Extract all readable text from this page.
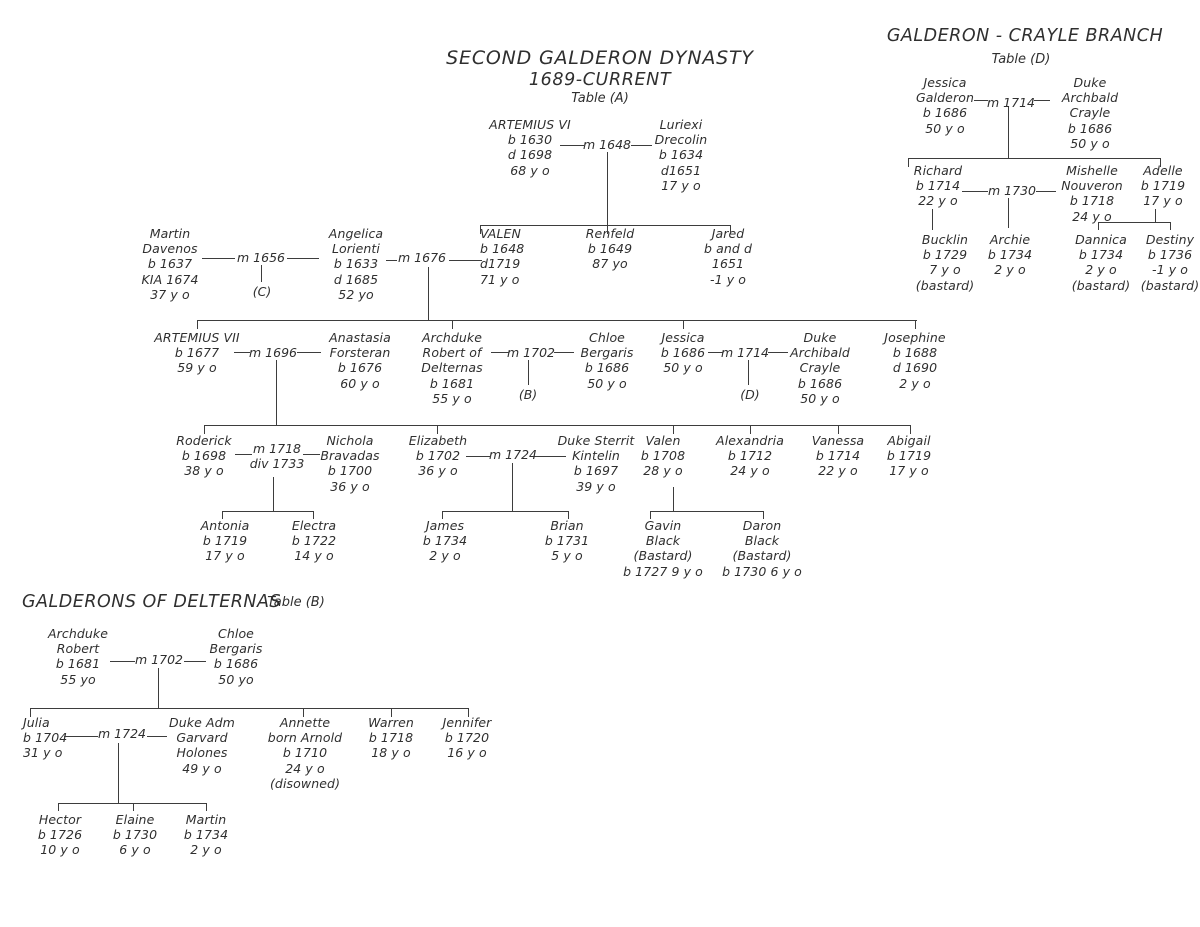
SECOND GALDERON DYNASTY
1689-CURRENT
Table (A)
GALDERON - CRAYLE BRANCH
Table (D)
GALDERONS OF DELTERNAS
Table (B)
ARTEMIUS VI
b 1630
d 1698
68 y o
Luriexi
Drecolin
b 1634
d1651
17 y o
Martin
Davenos
b 1637
KIA 1674
37 y o
Angelica
Lorienti
b 1633
d 1685
52 yo
VALEN
b 1648
d1719
71 y o
Renfeld
b 1649
87 yo
Jared
b and d
1651
-1 y o
ARTEMIUS VII
b 1677
59 y o
Anastasia
Forsteran
b 1676
60 y o
Archduke
Robert of
Delternas
b 1681
55 y o
Chloe
Bergaris
b 1686
50 y o
Jessica
b 1686
50 y o
Duke
Archibald
Crayle
b 1686
50 y o
Josephine
b 1688
d 1690
2 y o
Roderick
b 1698
38 y o
Nichola
Bravadas
b 1700
36 y o
Elizabeth
b 1702
36 y o
Duke Sterrit
Kintelin
b 1697
39 y o
Valen
b 1708
28 y o
Alexandria
b 1712
24 y o
Vanessa
b 1714
22 y o
Abigail
b 1719
17 y o
Antonia
b 1719
17 y o
Electra
b 1722
14 y o
James
b 1734
2 y o
Brian
b 1731
5 y o
Gavin
Black
(Bastard)
b 1727 9 y o
Daron
Black
(Bastard)
b 1730 6 y o
m 1648
m 1656
(C)
m 1676
m 1696	m 1702
(B)
m 1714
(D)
m 1718
div 1733
m 1724
Jessica
Galderon
b 1686
50 y o
Duke
Archbald
Crayle
b 1686
50 y o
Richard
b 1714
22 y o
Mishelle
Nouveron
b 1718
24 y o
Adelle
b 1719
17 y o
Bucklin
b 1729
7 y o
(bastard)
Archie
b 1734
2 y o
Dannica
b 1734
2 y o
(bastard)
Destiny
b 1736
-1 y o
(bastard)
m 1714
m 1730
Archduke
Robert
b 1681
55 yo
Chloe
Bergaris
b 1686
50 yo
Julia
b 1704
31 y o
Duke Adm
Garvard
Holones
49 y o
Annette
born Arnold
b 1710
24 y o
(disowned)
Warren
b 1718
18 y o
Jennifer
b 1720
16 y o
Hector
b 1726
10 y o
Elaine
b 1730
6 y o
Martin
b 1734
2 y o
m 1702
m 1724
